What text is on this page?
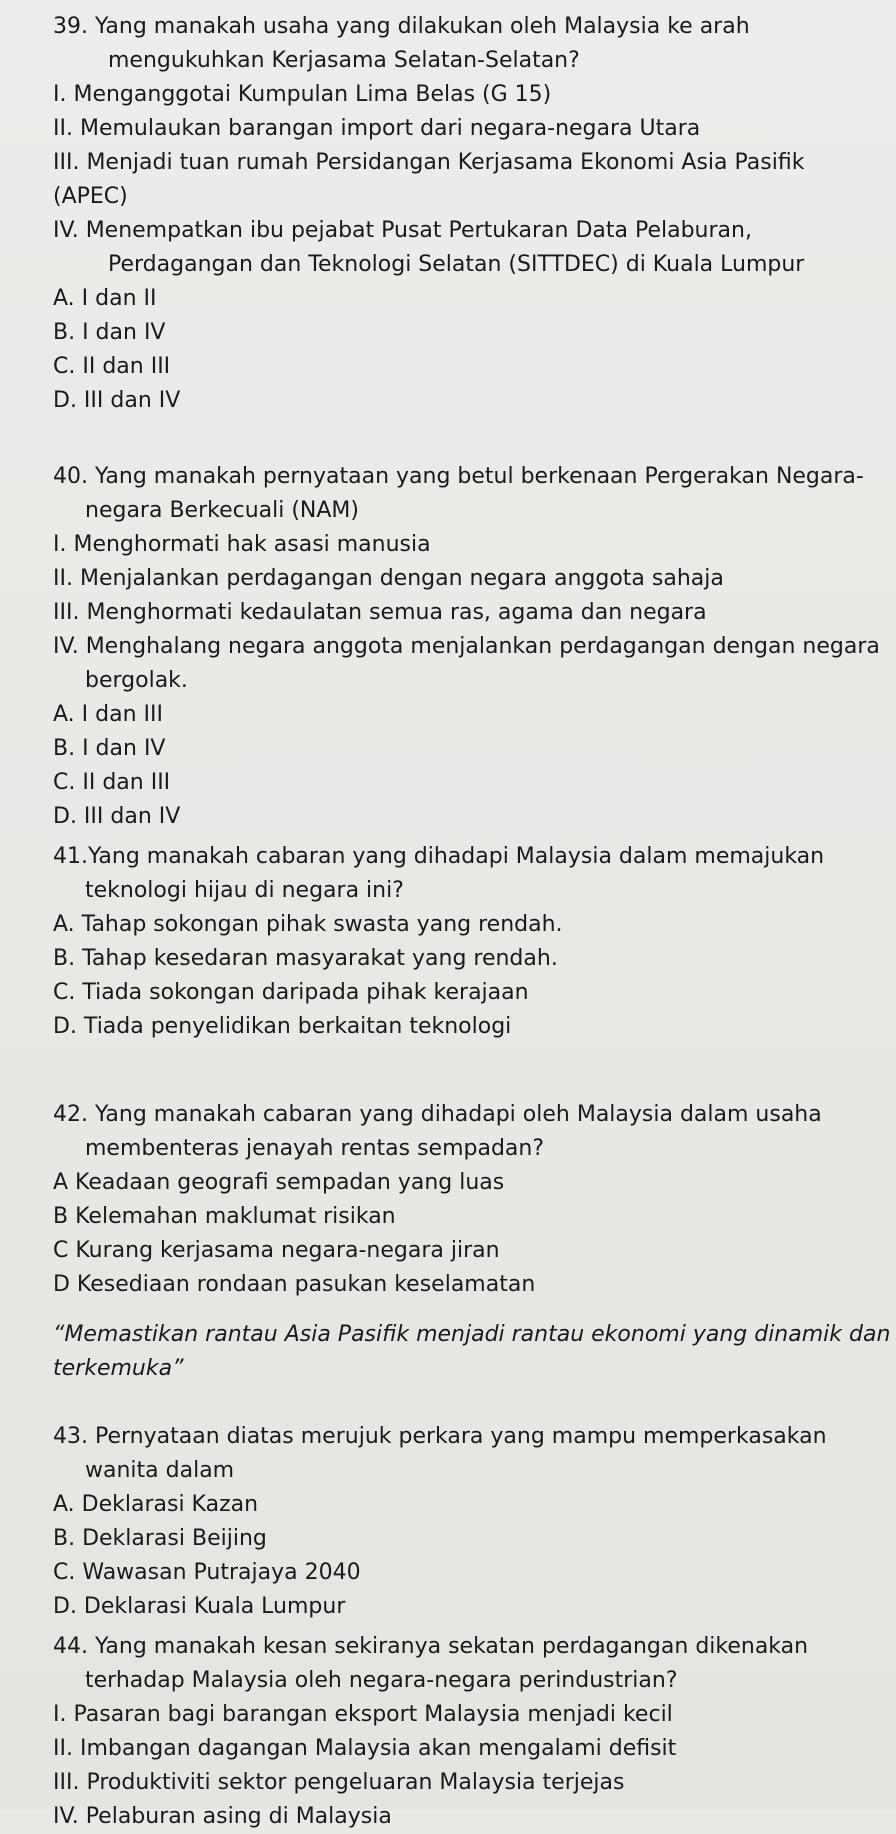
39. Yang manakah usaha yang dilakukan oleh Malaysia ke arah
mengukuhkan Kerjasama Selatan-Selatan?
I. Menganggotai Kumpulan Lima Belas (G 15)
II. Memulaukan barangan import dari negara-negara Utara
III. Menjadi tuan rumah Persidangan Kerjasama Ekonomi Asia Pasifik
(APEC)
IV. Menempatkan ibu pejabat Pusat Pertukaran Data Pelaburan,
Perdagangan dan Teknologi Selatan (SITTDEC) di Kuala Lumpur
A. I dan II
B. I dan IV
C. II dan III
D. III dan IV
40. Yang manakah pernyataan yang betul berkenaan Pergerakan Negara-
negara Berkecuali (NAM)
I. Menghormati hak asasi manusia
II. Menjalankan perdagangan dengan negara anggota sahaja
III. Menghormati kedaulatan semua ras, agama dan negara
IV. Menghalang negara anggota menjalankan perdagangan dengan negara
bergolak.
A. I dan III
B. I dan IV
C. II dan III
D. III dan IV
41.Yang manakah cabaran yang dihadapi Malaysia dalam memajukan
teknologi hijau di negara ini?
A. Tahap sokongan pihak swasta yang rendah.
B. Tahap kesedaran masyarakat yang rendah.
C. Tiada sokongan daripada pihak kerajaan
D. Tiada penyelidikan berkaitan teknologi
42. Yang manakah cabaran yang dihadapi oleh Malaysia dalam usaha
membenteras jenayah rentas sempadan?
A Keadaan geografi sempadan yang luas
B Kelemahan maklumat risikan
C Kurang kerjasama negara-negara jiran
D Kesediaan rondaan pasukan keselamatan
“Memastikan rantau Asia Pasifik menjadi rantau ekonomi yang dinamik dan
terkemuka”
43. Pernyataan diatas merujuk perkara yang mampu memperkasakan
wanita dalam
A. Deklarasi Kazan
B. Deklarasi Beijing
C. Wawasan Putrajaya 2040
D. Deklarasi Kuala Lumpur
44. Yang manakah kesan sekiranya sekatan perdagangan dikenakan
terhadap Malaysia oleh negara-negara perindustrian?
I. Pasaran bagi barangan eksport Malaysia menjadi kecil
II. Imbangan dagangan Malaysia akan mengalami defisit
III. Produktiviti sektor pengeluaran Malaysia terjejas
IV. Pelaburan asing di Malaysia
